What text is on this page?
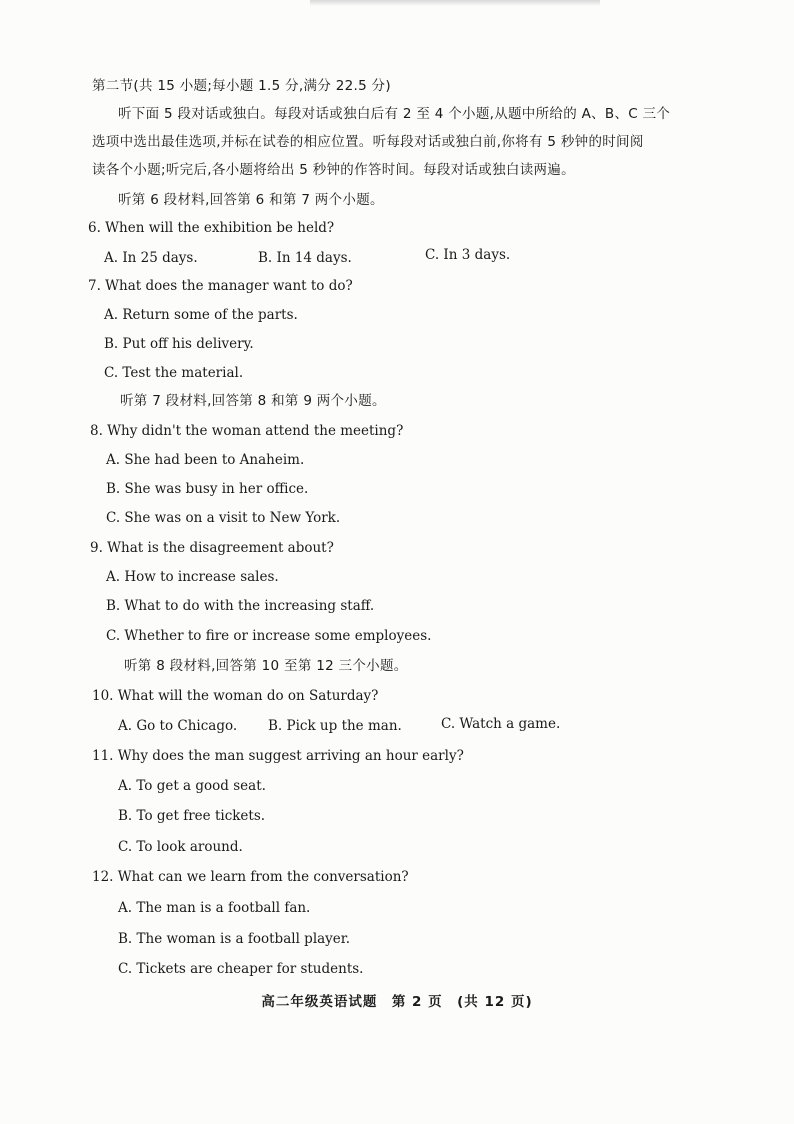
第二节(共 15 小题;每小题 1.5 分,满分 22.5 分)
听下面 5 段对话或独白。每段对话或独白后有 2 至 4 个小题,从题中所给的 A、B、C 三个
选项中选出最佳选项,并标在试卷的相应位置。听每段对话或独白前,你将有 5 秒钟的时间阅
读各个小题;听完后,各小题将给出 5 秒钟的作答时间。每段对话或独白读两遍。
听第 6 段材料,回答第 6 和第 7 两个小题。
6. When will the exhibition be held?
A. In 25 days.	B. In 14 days.	C. In 3 days.
7. What does the manager want to do?
A. Return some of the parts.
B. Put off his delivery.
C. Test the material.
听第 7 段材料,回答第 8 和第 9 两个小题。
8. Why didn't the woman attend the meeting?
A. She had been to Anaheim.
B. She was busy in her office.
C. She was on a visit to New York.
9. What is the disagreement about?
A. How to increase sales.
B. What to do with the increasing staff.
C. Whether to fire or increase some employees.
听第 8 段材料,回答第 10 至第 12 三个小题。
10. What will the woman do on Saturday?
A. Go to Chicago. B. Pick up the man.	C. Watch a game.
11. Why does the man suggest arriving an hour early?
A. To get a good seat.
B. To get free tickets.
C. To look around.
12. What can we learn from the conversation?
A. The man is a football fan.
B. The woman is a football player.
C. Tickets are cheaper for students.
高二年级英语试题　第 2 页　(共 12 页)
